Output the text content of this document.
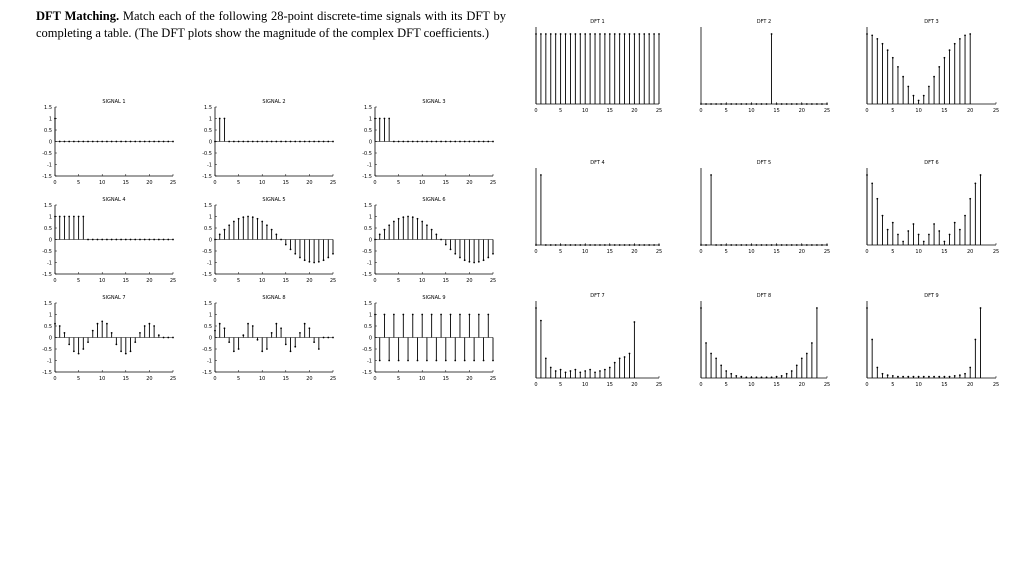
DFT Matching. Match each of the following 28-point discrete-time signals with its DFT by completing a table. (The DFT plots show the magnitude of the complex DFT coefficients.)

SIGNAL 1
0	5	10	15	20	25
1.5
1
0.5
0
-0.5
-1
-1.5
SIGNAL 2
0	5	10	15	20	25
1.5
1
0.5
0
-0.5
-1
-1.5
SIGNAL 3
0	5	10	15	20	25
1.5
1
0.5
0
-0.5
-1
-1.5
SIGNAL 4
0	5	10	15	20	25
1.5
1
0.5
0
-0.5
-1
-1.5
SIGNAL 5
0	5	10	15	20	25
1.5
1
0.5
0
-0.5
-1
-1.5
SIGNAL 6
0	5	10	15	20	25
1.5
1
0.5
0
-0.5
-1
-1.5
SIGNAL 7
0	5	10	15	20	25
1.5
1
0.5
0
-0.5
-1
-1.5
SIGNAL 8
0	5	10	15	20	25
1.5
1
0.5
0
-0.5
-1
-1.5
SIGNAL 9
0	5	10	15	20	25
1.5
1
0.5
0
-0.5
-1
-1.5
DFT 1
0	5	10	15	20	25
DFT 2
0	5	10	15	20	25
DFT 3
0	5	10	15	20	25
DFT 4
0	5	10	15	20	25
DFT 5
0	5	10	15	20	25
DFT 6
0	5	10	15	20	25
DFT 7
0	5	10	15	20	25
DFT 8
0	5	10	15	20	25
DFT 9
0	5	10	15	20	25
